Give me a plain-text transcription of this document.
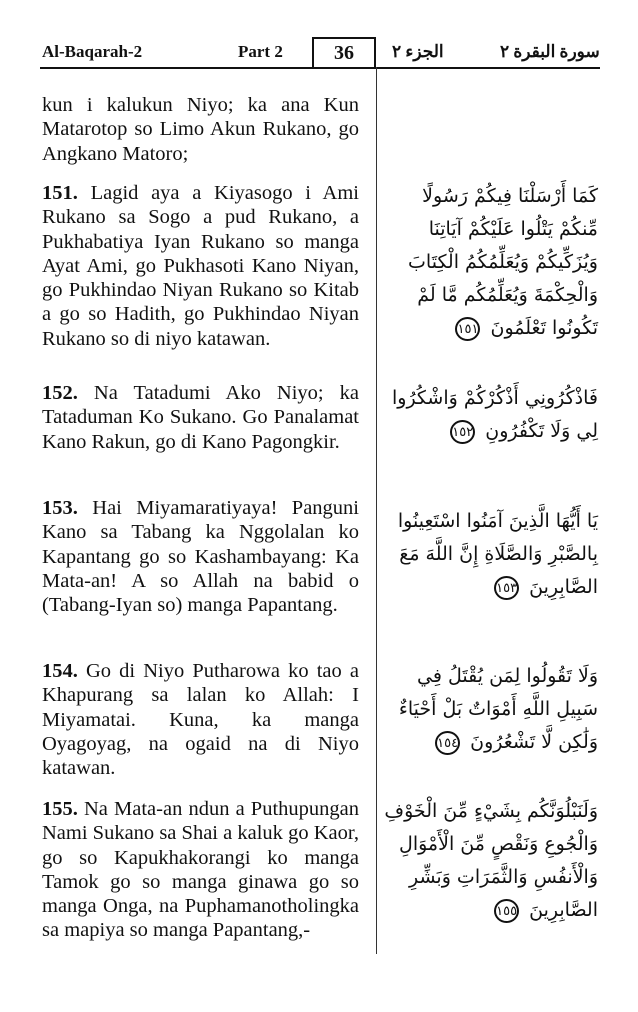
Al-Baqarah-2	Part 2	36	الجزء ٢	سورة البقرة ٢

kun i kalukun Niyo; ka ana Kun Matarotop so Limo Akun Rukano, go Angkano Matoro;

151. Lagid aya a Kiyasogo i Ami Rukano sa Sogo a pud Rukano, a Pukhabatiya Iyan Rukano so manga Ayat Ami, go Pukhasoti Kano Niyan, go Pukhindao Niyan Rukano so Kitab a go so Hadith, go Pukhindao Niyan Rukano so di niyo katawan.

152. Na Tatadumi Ako Niyo; ka Tataduman Ko Sukano. Go Panalamat Kano Rakun, go di Kano Pagongkir.

153. Hai Miyamaratiyaya! Panguni Kano sa Tabang ka Nggolalan ko Kapantang go so Kashambayang: Ka Mata-an! A so Allah na babid o (Tabang-Iyan so) manga Papantang.

154. Go di Niyo Putharowa ko tao a Khapurang sa lalan ko Allah: I Miyamatai. Kuna, ka manga Oyagoyag, na ogaid na di Niyo katawan.

155. Na Mata-an ndun a Puthupungan Nami Sukano sa Shai a kaluk go Kaor, go so Kapukhakorangi ko manga Tamok go so manga ginawa go so manga Onga, na Puphamanotholingka sa mapiya so manga Papantang,-

كَمَا أَرْسَلْنَا فِيكُمْ رَسُولًا مِّنكُمْ يَتْلُوا عَلَيْكُمْ آيَاتِنَا وَيُزَكِّيكُمْ وَيُعَلِّمُكُمُ الْكِتَابَ وَالْحِكْمَةَ وَيُعَلِّمُكُم مَّا لَمْ تَكُونُوا تَعْلَمُونَ ١٥١

فَاذْكُرُونِي أَذْكُرْكُمْ وَاشْكُرُوا لِي وَلَا تَكْفُرُونِ ١٥٢

يَا أَيُّهَا الَّذِينَ آمَنُوا اسْتَعِينُوا بِالصَّبْرِ وَالصَّلَاةِ إِنَّ اللَّهَ مَعَ الصَّابِرِينَ ١٥٣

وَلَا تَقُولُوا لِمَن يُقْتَلُ فِي سَبِيلِ اللَّهِ أَمْوَاتٌ بَلْ أَحْيَاءٌ وَلَٰكِن لَّا تَشْعُرُونَ ١٥٤

وَلَنَبْلُوَنَّكُم بِشَيْءٍ مِّنَ الْخَوْفِ وَالْجُوعِ وَنَقْصٍ مِّنَ الْأَمْوَالِ وَالْأَنفُسِ وَالثَّمَرَاتِ وَبَشِّرِ الصَّابِرِينَ ١٥٥
